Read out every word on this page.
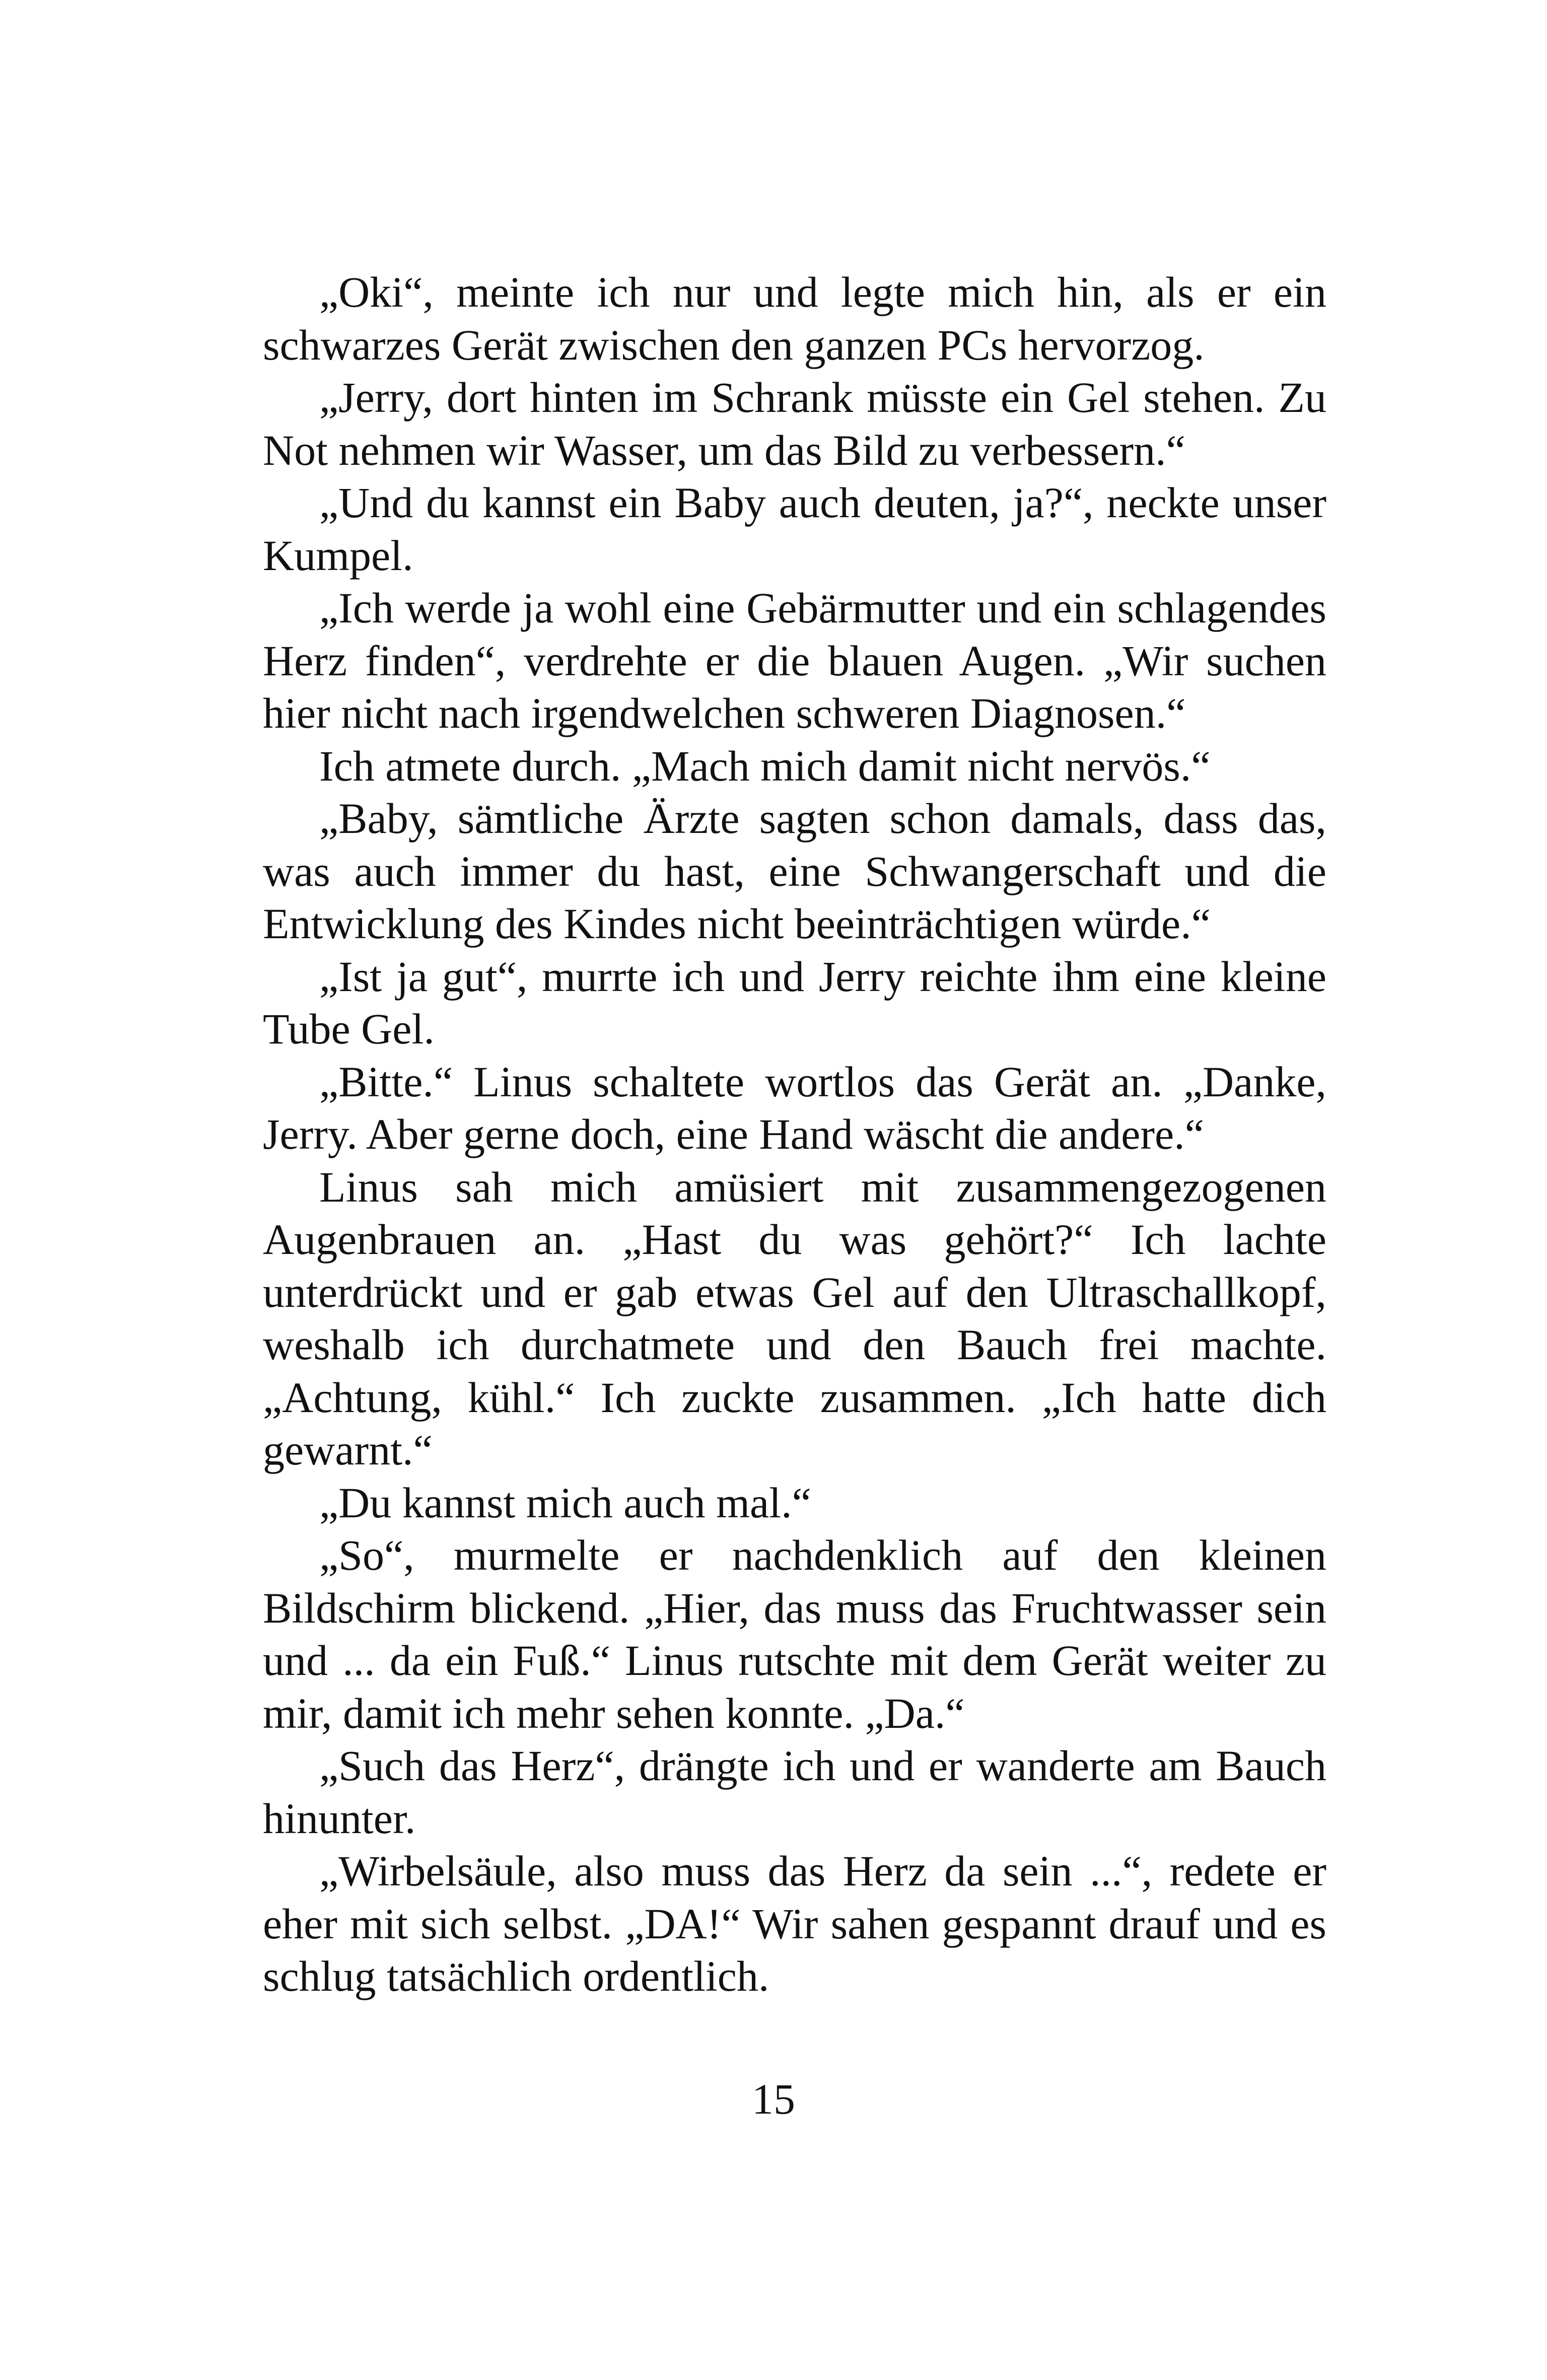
„Oki“, meinte ich nur und legte mich hin, als er ein schwarzes Gerät zwischen den ganzen PCs hervorzog.

„Jerry, dort hinten im Schrank müsste ein Gel stehen. Zu Not nehmen wir Wasser, um das Bild zu verbessern.“

„Und du kannst ein Baby auch deuten, ja?“, neckte unser Kumpel.

„Ich werde ja wohl eine Gebärmutter und ein schlagendes Herz finden“, verdrehte er die blauen Augen. „Wir suchen hier nicht nach irgendwelchen schweren Diagnosen.“

Ich atmete durch. „Mach mich damit nicht nervös.“

„Baby, sämtliche Ärzte sagten schon damals, dass das, was auch immer du hast, eine Schwangerschaft und die Entwicklung des Kindes nicht beeinträchtigen würde.“

„Ist ja gut“, murrte ich und Jerry reichte ihm eine kleine Tube Gel.

„Bitte.“ Linus schaltete wortlos das Gerät an. „Danke, Jerry. Aber gerne doch, eine Hand wäscht die andere.“

Linus sah mich amüsiert mit zusammengezogenen Augenbrauen an. „Hast du was gehört?“ Ich lachte unterdrückt und er gab etwas Gel auf den Ultraschallkopf, weshalb ich durchatmete und den Bauch frei machte. „Achtung, kühl.“ Ich zuckte zusammen. „Ich hatte dich gewarnt.“

„Du kannst mich auch mal.“

„So“, murmelte er nachdenklich auf den kleinen Bildschirm blickend. „Hier, das muss das Fruchtwasser sein und ... da ein Fuß.“ Linus rutschte mit dem Gerät weiter zu mir, damit ich mehr sehen konnte. „Da.“

„Such das Herz“, drängte ich und er wanderte am Bauch hinunter.

„Wirbelsäule, also muss das Herz da sein ...“, redete er eher mit sich selbst. „DA!“ Wir sahen gespannt drauf und es schlug tatsächlich ordentlich.

15
